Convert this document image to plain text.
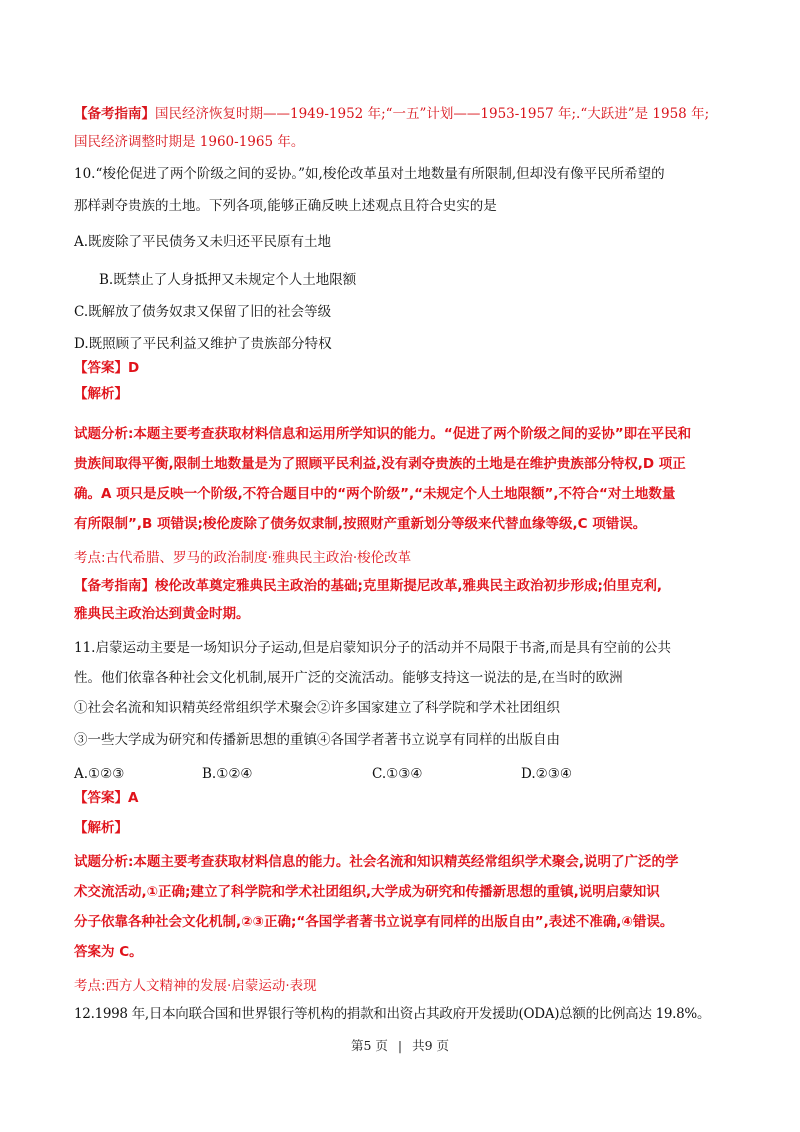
【备考指南】国民经济恢复时期——1949-1952 年;“一五”计划——1953-1957 年;.“大跃进”是 1958 年;
国民经济调整时期是 1960-1965 年。
10.“梭伦促进了两个阶级之间的妥协。”如,梭伦改革虽对土地数量有所限制,但却没有像平民所希望的
那样剥夺贵族的土地。下列各项,能够正确反映上述观点且符合史实的是
A.既废除了平民债务又未归还平民原有土地
B.既禁止了人身抵押又未规定个人土地限额
C.既解放了债务奴隶又保留了旧的社会等级
D.既照顾了平民利益又维护了贵族部分特权
【答案】D
【解析】
试题分析:本题主要考查获取材料信息和运用所学知识的能力。“促进了两个阶级之间的妥协”即在平民和
贵族间取得平衡,限制土地数量是为了照顾平民利益,没有剥夺贵族的土地是在维护贵族部分特权,D 项正
确。A 项只是反映一个阶级,不符合题目中的“两个阶级”,“未规定个人土地限额”,不符合“对土地数量
有所限制”,B 项错误;梭伦废除了债务奴隶制,按照财产重新划分等级来代替血缘等级,C 项错误。
考点:古代希腊、罗马的政治制度·雅典民主政治·梭伦改革
【备考指南】梭伦改革奠定雅典民主政治的基础;克里斯提尼改革,雅典民主政治初步形成;伯里克利,
雅典民主政治达到黄金时期。
11.启蒙运动主要是一场知识分子运动,但是启蒙知识分子的活动并不局限于书斋,而是具有空前的公共
性。他们依靠各种社会文化机制,展开广泛的交流活动。能够支持这一说法的是,在当时的欧洲
①社会名流和知识精英经常组织学术聚会②许多国家建立了科学院和学术社团组织
③一些大学成为研究和传播新思想的重镇④各国学者著书立说享有同样的出版自由
A.①②③	B.①②④	C.①③④	D.②③④
【答案】A
【解析】
试题分析:本题主要考查获取材料信息的能力。社会名流和知识精英经常组织学术聚会,说明了广泛的学
术交流活动,①正确;建立了科学院和学术社团组织,大学成为研究和传播新思想的重镇,说明启蒙知识
分子依靠各种社会文化机制,②③正确;“各国学者著书立说享有同样的出版自由”,表述不准确,④错误。
答案为 C。
考点:西方人文精神的发展·启蒙运动·表现
12.1998 年,日本向联合国和世界银行等机构的捐款和出资占其政府开发援助(ODA)总额的比例高达 19.8%。
第5 页 | 共9 页
